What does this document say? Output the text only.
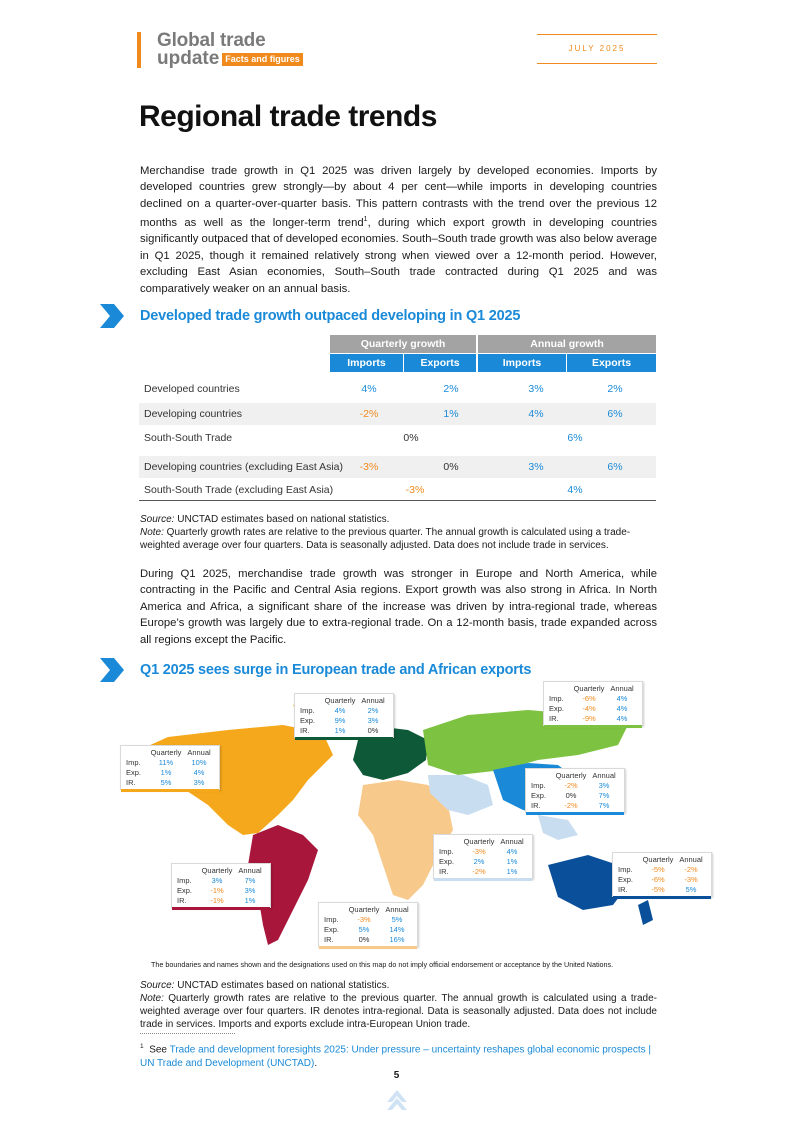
Global trade
update Facts and figures
JULY 2025
Regional trade trends

Merchandise trade growth in Q1 2025 was driven largely by developed economies. Imports by developed countries grew strongly—by about 4 per cent—while imports in developing countries declined on a quarter-over-quarter basis. This pattern contrasts with the trend over the previous 12 months as well as the longer-term trend$^1$, during which export growth in developing countries significantly outpaced that of developed economies. South–South trade growth was also below average in Q1 2025, though it remained relatively strong when viewed over a 12-month period. However, excluding East Asian economies, South–South trade contracted during Q1 2025 and was comparatively weaker on an annual basis.

Developed trade growth outpaced developing in Q1 2025
Quarterly growth	Annual growth
Imports	Exports	Imports	Exports
Developed countries	4%	2%	3%	2%
Developing countries	-2%	1%	4%	6%
South-South Trade	0%	6%
Developing countries (excluding East Asia)	-3%	0%	3%	6%
South-South Trade (excluding East Asia)	-3%	4%
Source: UNCTAD estimates based on national statistics.
Note: Quarterly growth rates are relative to the previous quarter. The annual growth is calculated using a trade-weighted average over four quarters. Data is seasonally adjusted. Data does not include trade in services.

During Q1 2025, merchandise trade growth was stronger in Europe and North America, while contracting in the Pacific and Central Asia regions. Export growth was also strong in Africa. In North America and Africa, a significant share of the increase was driven by intra-regional trade, whereas Europe’s growth was largely due to extra-regional trade. On a 12-month basis, trade expanded across all regions except the Pacific.

Q1 2025 sees surge in European trade and African exports
Quarterly Annual
Imp.	4%	2%
Exp.	9%	3%
IR.	1%	0%
Quarterly Annual
Imp.	-6%	4%
Exp.	-4%	4%
IR.	-9%	4%
Quarterly Annual
Imp.	11%	10%
Exp.	1%	4%
IR.	5%	3%
Quarterly Annual
Imp.	-2%	3%
Exp.	0%	7%
IR.	-2%	7%
Quarterly Annual
Imp.	-3%	4%
Exp.	2%	1%
IR.	-2%	1%
Quarterly Annual
Imp.	-5%	-2%
Exp.	-6%	-3%
IR.	-5%	5%
Quarterly Annual
Imp.	3%	7%
Exp.	-1%	3%
IR.	-1%	1%
Quarterly Annual
Imp.	-3%	5%
Exp.	5%	14%
IR.	0%	16%
The boundaries and names shown and the designations used on this map do not imply official endorsement or acceptance by the United Nations.
Source: UNCTAD estimates based on national statistics.
Note: Quarterly growth rates are relative to the previous quarter. The annual growth is calculated using a trade-weighted average over four quarters. IR denotes intra-regional. Data is seasonally adjusted. Data does not include trade in services. Imports and exports exclude intra-European Union trade.
$^1$ See Trade and development foresights 2025: Under pressure – uncertainty reshapes global economic prospects | UN Trade and Development (UNCTAD).
5
